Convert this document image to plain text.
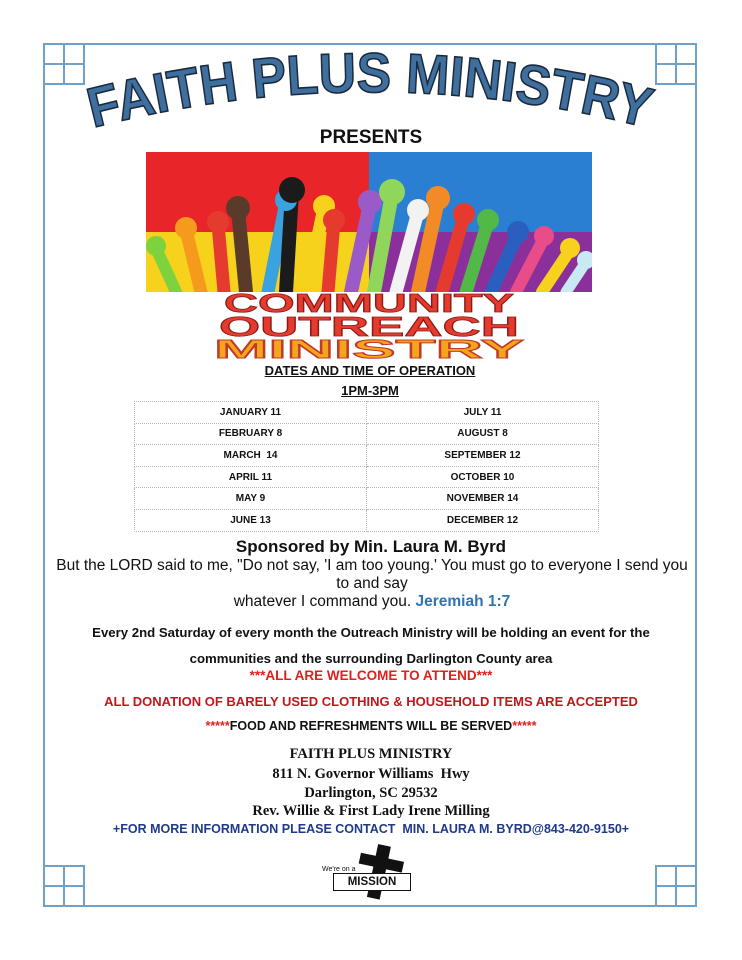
FAITH PLUS MINISTRY
PRESENTS
COMMUNITY
OUTREACH
MINISTRY
DATES AND TIME OF OPERATION
1PM-3PM
JANUARY 11	JULY 11
FEBRUARY 8	AUGUST 8
MARCH  14	SEPTEMBER 12
APRIL 11	OCTOBER 10
MAY 9	NOVEMBER 14
JUNE 13	DECEMBER 12
Sponsored by Min. Laura M. Byrd
But the LORD said to me, "Do not say, 'I am too young.' You must go to everyone I send you to and say
whatever I command you. Jeremiah 1:7
Every 2nd Saturday of every month the Outreach Ministry will be holding an event for the communities and the surrounding Darlington County area
***ALL ARE WELCOME TO ATTEND***
ALL DONATION OF BARELY USED CLOTHING & HOUSEHOLD ITEMS ARE ACCEPTED
*****FOOD AND REFRESHMENTS WILL BE SERVED*****
FAITH PLUS MINISTRY
811 N. Governor Williams  Hwy
Darlington, SC 29532
Rev. Willie & First Lady Irene Milling
+FOR MORE INFORMATION PLEASE CONTACT  MIN. LAURA M. BYRD@843-420-9150+
We're on a
MISSION
